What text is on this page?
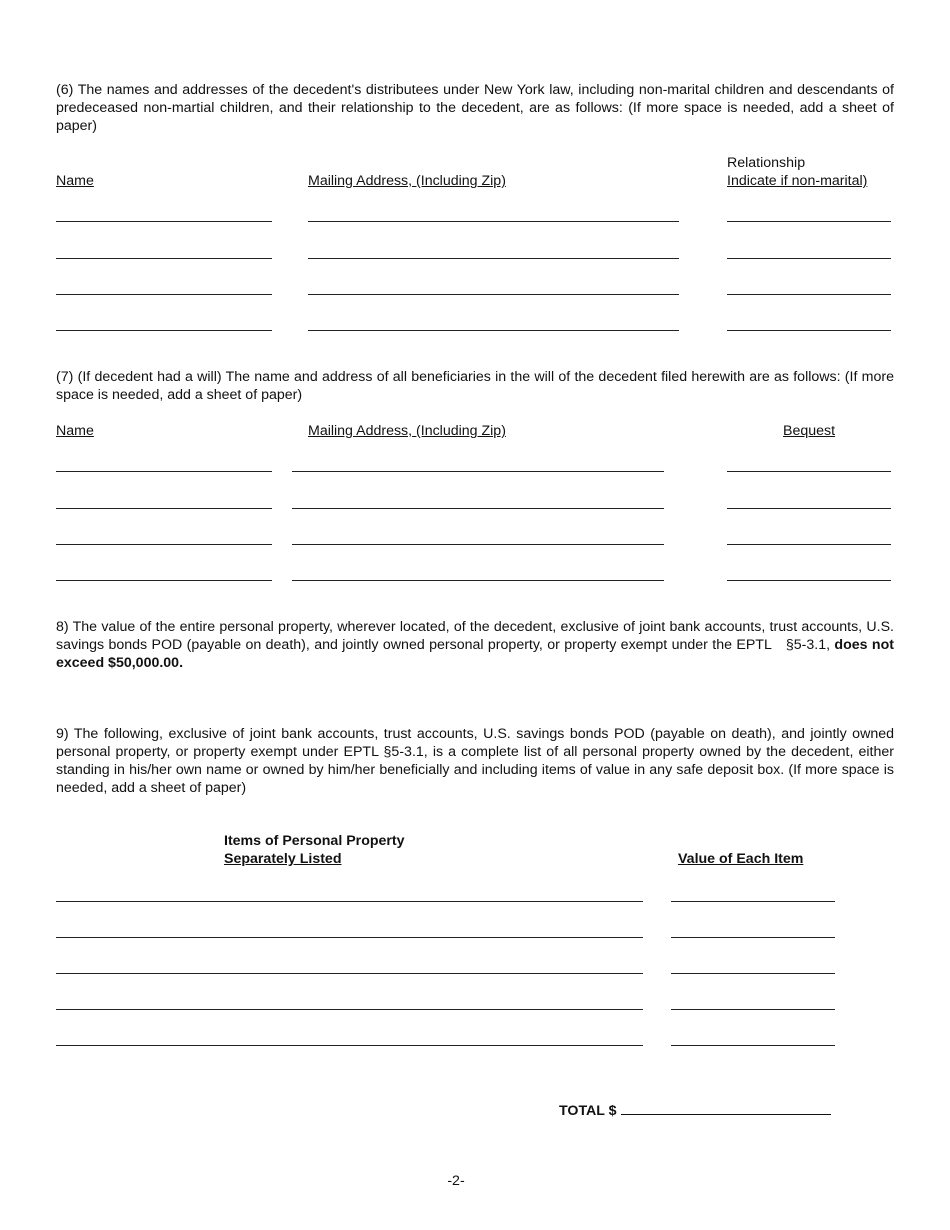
(6) The names and addresses of the decedent's distributees under New York law, including non-marital children and descendants of predeceased non-martial children, and their relationship to the decedent, are as follows: (If more space is needed, add a sheet of paper)

Relationship
Name	Mailing Address, (Including Zip)	Indicate if non-marital)

(7) (If decedent had a will) The name and address of all beneficiaries in the will of the decedent filed herewith are as follows: (If more space is needed, add a sheet of paper)

Name	Mailing Address, (Including Zip)	Bequest

8) The value of the entire personal property, wherever located, of the decedent, exclusive of joint bank accounts, trust accounts, U.S. savings bonds POD (payable on death), and jointly owned personal property, or property exempt under the EPTL §5-3.1, does not exceed $50,000.00.

9) The following, exclusive of joint bank accounts, trust accounts, U.S. savings bonds POD (payable on death), and jointly owned personal property, or property exempt under EPTL §5-3.1, is a complete list of all personal property owned by the decedent, either standing in his/her own name or owned by him/her beneficially and including items of value in any safe deposit box. (If more space is needed, add a sheet of paper)

Items of Personal Property
Separately Listed	Value of Each Item
TOTAL $
-2-
